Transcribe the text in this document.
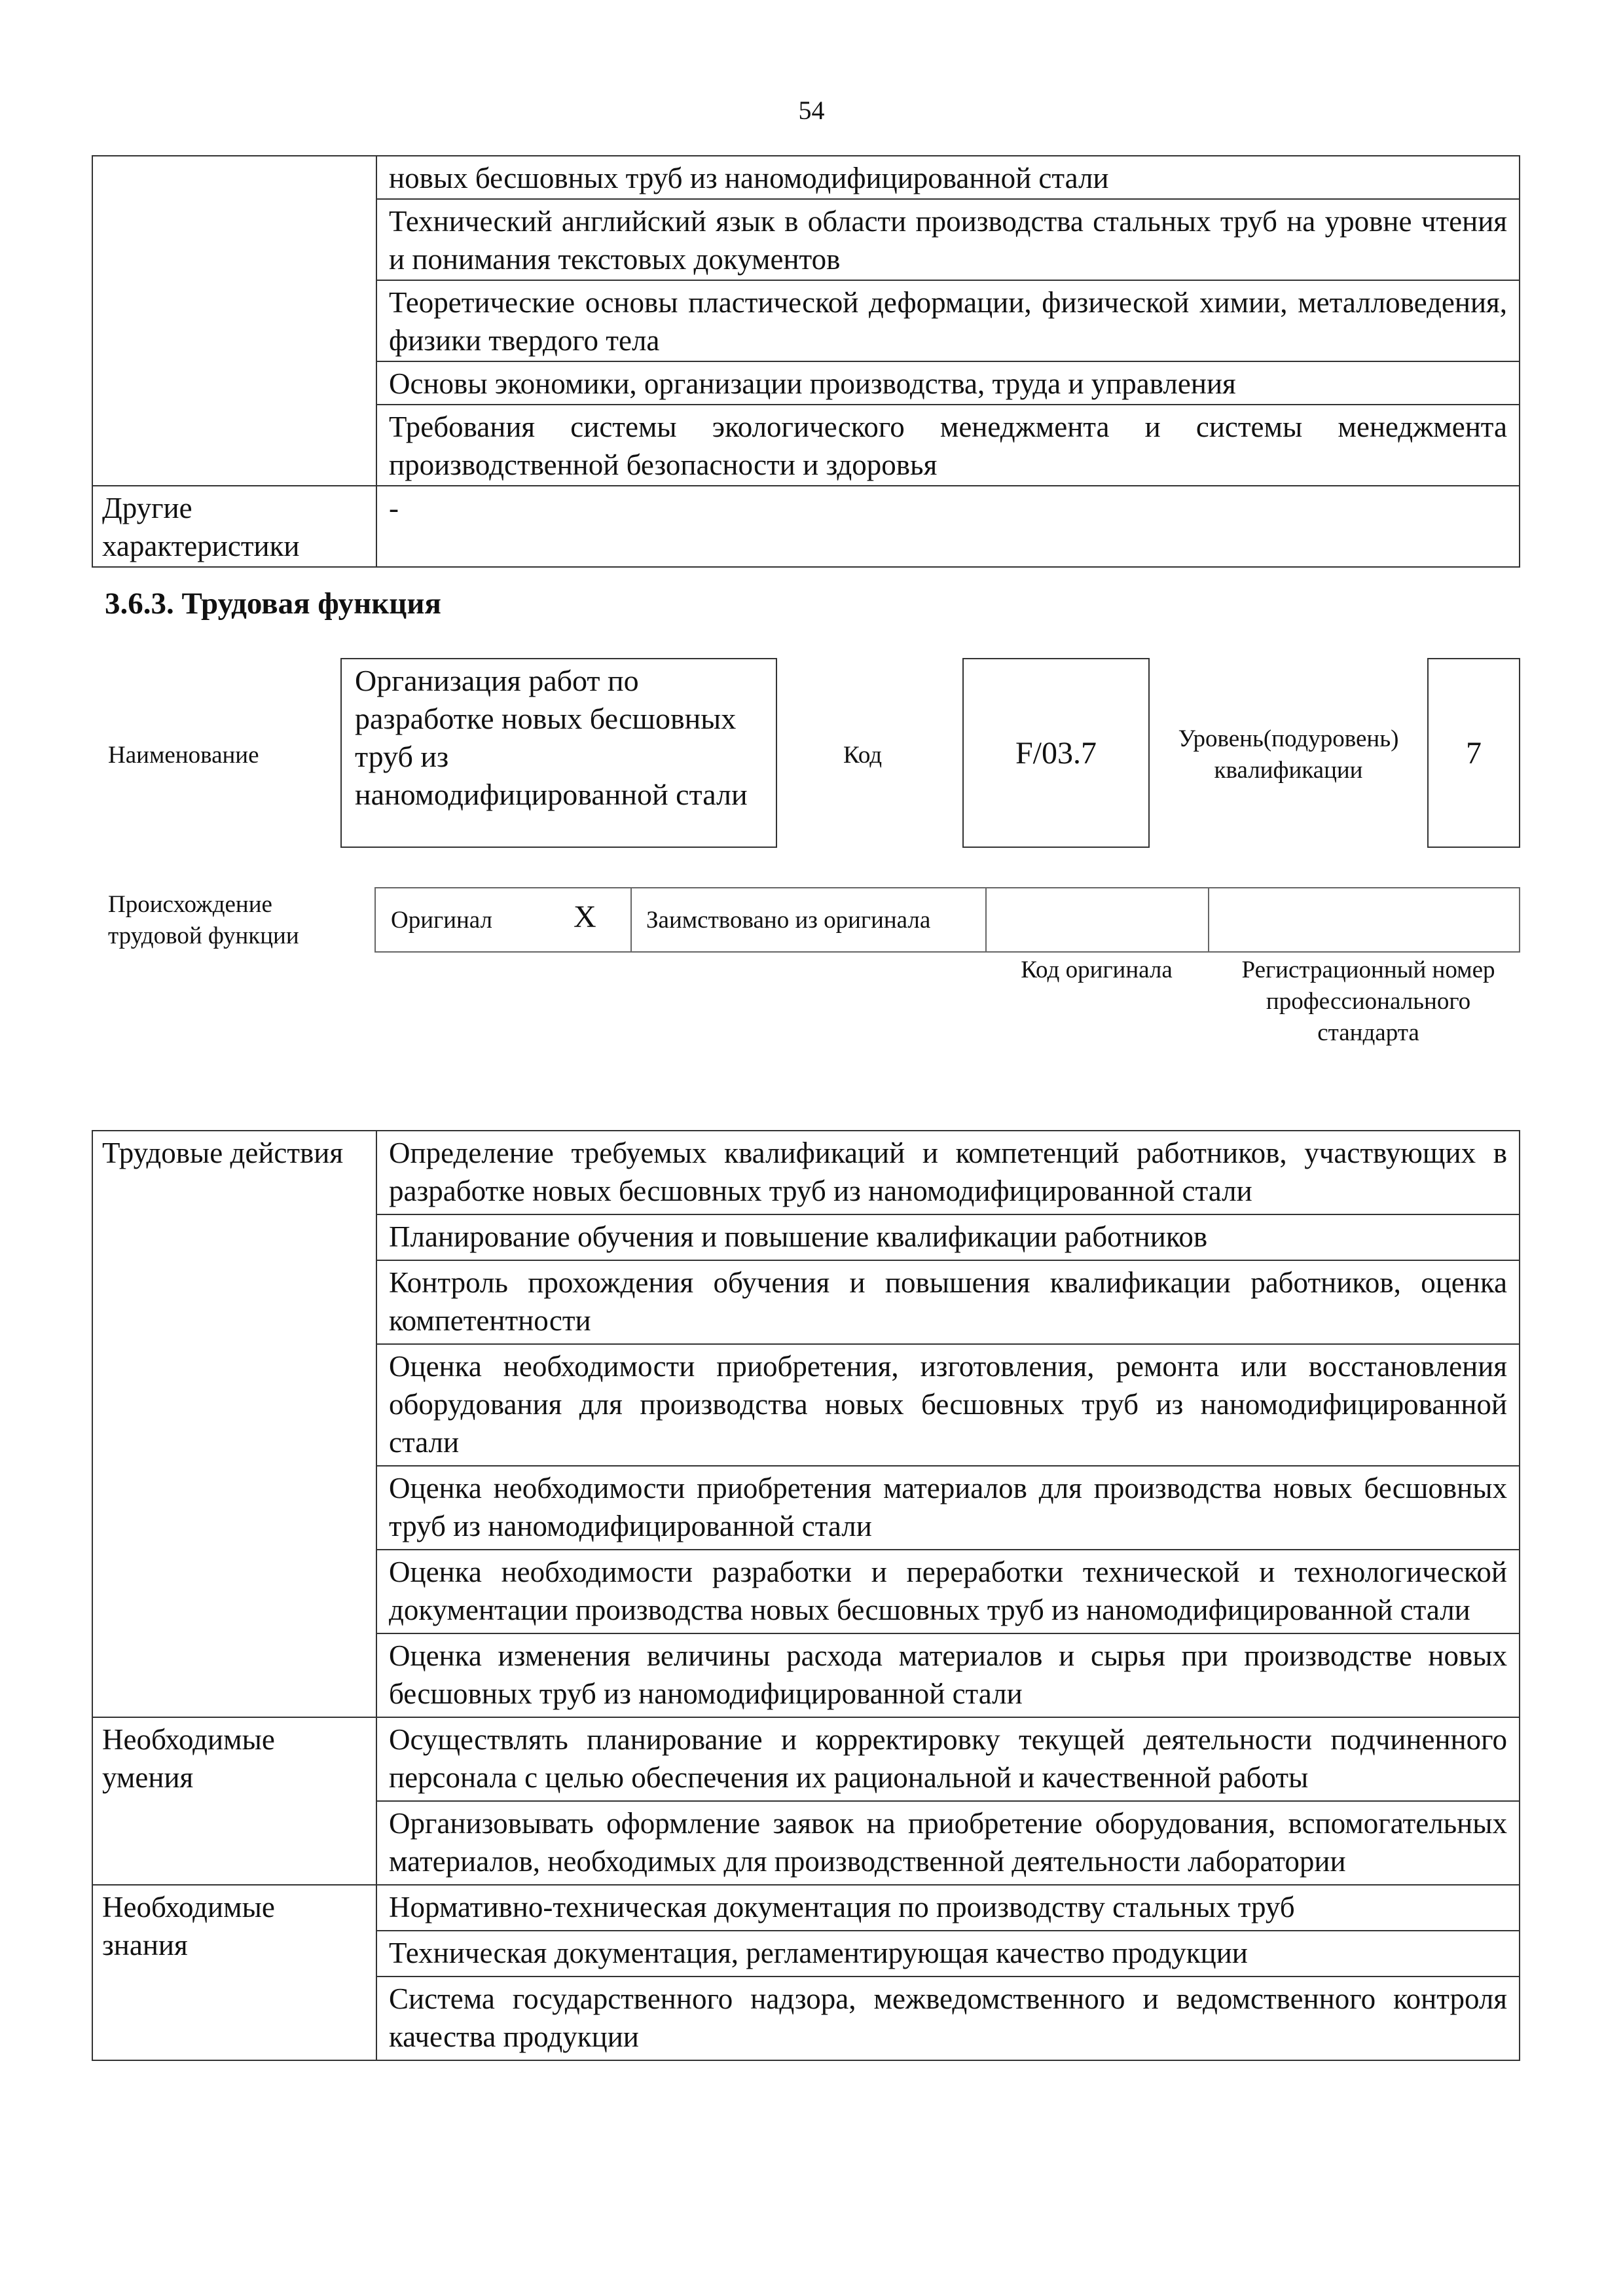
54
	новых бесшовных труб из наномодифицированной стали
	Технический английский язык в области производства стальных труб на уровне чтения и понимания текстовых документов
	Теоретические основы пластической деформации, физической химии, металловедения, физики твердого тела
	Основы экономики, организации производства, труда и управления
	Требования системы экологического менеджмента и системы менеджмента производственной безопасности и здоровья
Другие характеристики	-
3.6.3. Трудовая функция
Наименование
Организация работ по разработке новых бесшовных труб из наномодифицированной стали
Код	F/03.7	Уровень(подуровень) квалификации	7
Происхождение трудовой функции
Оригинал	X Заимствовано из оригинала
Код оригинала	Регистрационный номер профессионального стандарта
Трудовые действия	Определение требуемых квалификаций и компетенций работников, участвующих в разработке новых бесшовных труб из наномодифицированной стали
	Планирование обучения и повышение квалификации работников
	Контроль прохождения обучения и повышения квалификации работников, оценка компетентности
	Оценка необходимости приобретения, изготовления, ремонта или восстановления оборудования для производства новых бесшовных труб из наномодифицированной стали
	Оценка необходимости приобретения материалов для производства новых бесшовных труб из наномодифицированной стали
	Оценка необходимости разработки и переработки технической и технологической документации производства новых бесшовных труб из наномодифицированной стали
	Оценка изменения величины расхода материалов и сырья при производстве новых бесшовных труб из наномодифицированной стали
Необходимые умения	Осуществлять планирование и корректировку текущей деятельности подчиненного персонала с целью обеспечения их рациональной и качественной работы
	Организовывать оформление заявок на приобретение оборудования, вспомогательных материалов, необходимых для производственной деятельности лаборатории
Необходимые знания	Нормативно-техническая документация по производству стальных труб
	Техническая документация, регламентирующая качество продукции
	Система государственного надзора, межведомственного и ведомственного контроля качества продукции
